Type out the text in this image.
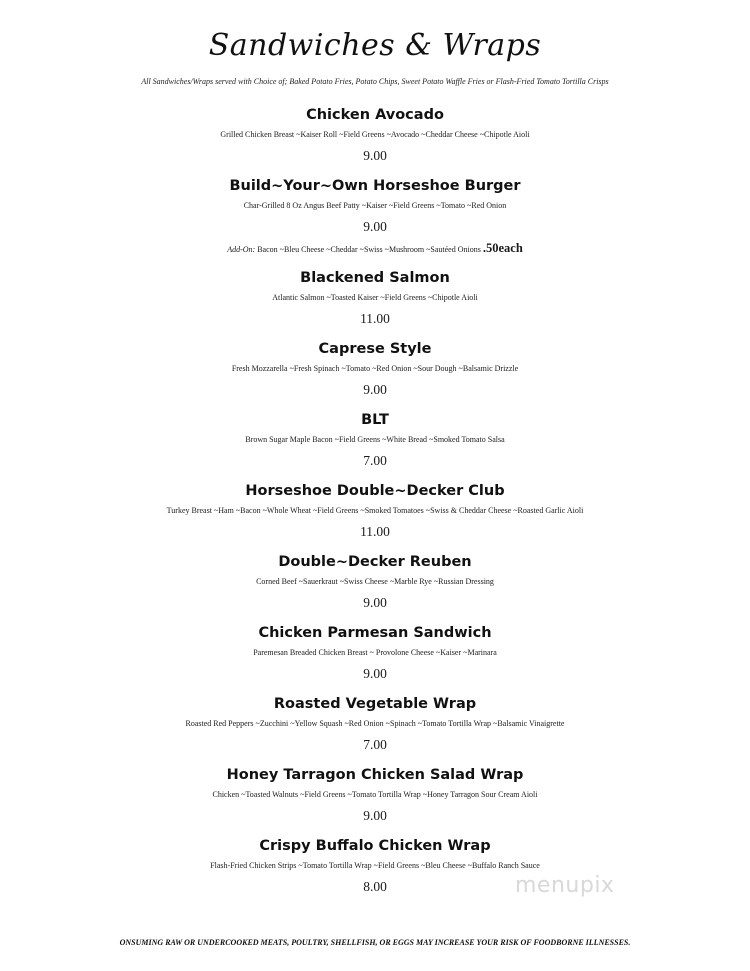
Sandwiches & Wraps
All Sandwiches/Wraps served with Choice of; Baked Potato Fries, Potato Chips, Sweet Potato Waffle Fries or Flash-Fried Tomato Tortilla Crisps
Chicken Avocado
Grilled Chicken Breast ~Kaiser Roll ~Field Greens ~Avocado ~Cheddar Cheese ~Chipotle Aioli
9.00
Build~Your~Own Horseshoe Burger
Char-Grilled 8 Oz Angus Beef Patty ~Kaiser ~Field Greens ~Tomato ~Red Onion
9.00
Add-On: Bacon ~Bleu Cheese ~Cheddar ~Swiss ~Mushroom ~Sautéed Onions .50each
Blackened Salmon
Atlantic Salmon ~Toasted Kaiser ~Field Greens ~Chipotle Aioli
11.00
Caprese Style
Fresh Mozzarella ~Fresh Spinach ~Tomato ~Red Onion ~Sour Dough ~Balsamic Drizzle
9.00
BLT
Brown Sugar Maple Bacon ~Field Greens ~White Bread ~Smoked Tomato Salsa
7.00
Horseshoe Double~Decker Club
Turkey Breast ~Ham ~Bacon ~Whole Wheat ~Field Greens ~Smoked Tomatoes ~Swiss & Cheddar Cheese ~Roasted Garlic Aioli
11.00
Double~Decker Reuben
Corned Beef ~Sauerkraut ~Swiss Cheese ~Marble Rye ~Russian Dressing
9.00
Chicken Parmesan Sandwich
Paremesan Breaded Chicken Breast ~ Provolone Cheese ~Kaiser ~Marinara
9.00
Roasted Vegetable Wrap
Roasted Red Peppers ~Zucchini ~Yellow Squash ~Red Onion ~Spinach ~Tomato Tortilla Wrap ~Balsamic Vinaigrette
7.00
Honey Tarragon Chicken Salad Wrap
Chicken ~Toasted Walnuts ~Field Greens ~Tomato Tortilla Wrap ~Honey Tarragon Sour Cream Aioli
9.00
Crispy Buffalo Chicken Wrap
Flash-Fried Chicken Strips ~Tomato Tortilla Wrap ~Field Greens ~Bleu Cheese ~Buffalo Ranch Sauce
8.00	menupix
ONSUMING RAW OR UNDERCOOKED MEATS, POULTRY, SHELLFISH, OR EGGS MAY INCREASE YOUR RISK OF FOODBORNE ILLNESSES.
